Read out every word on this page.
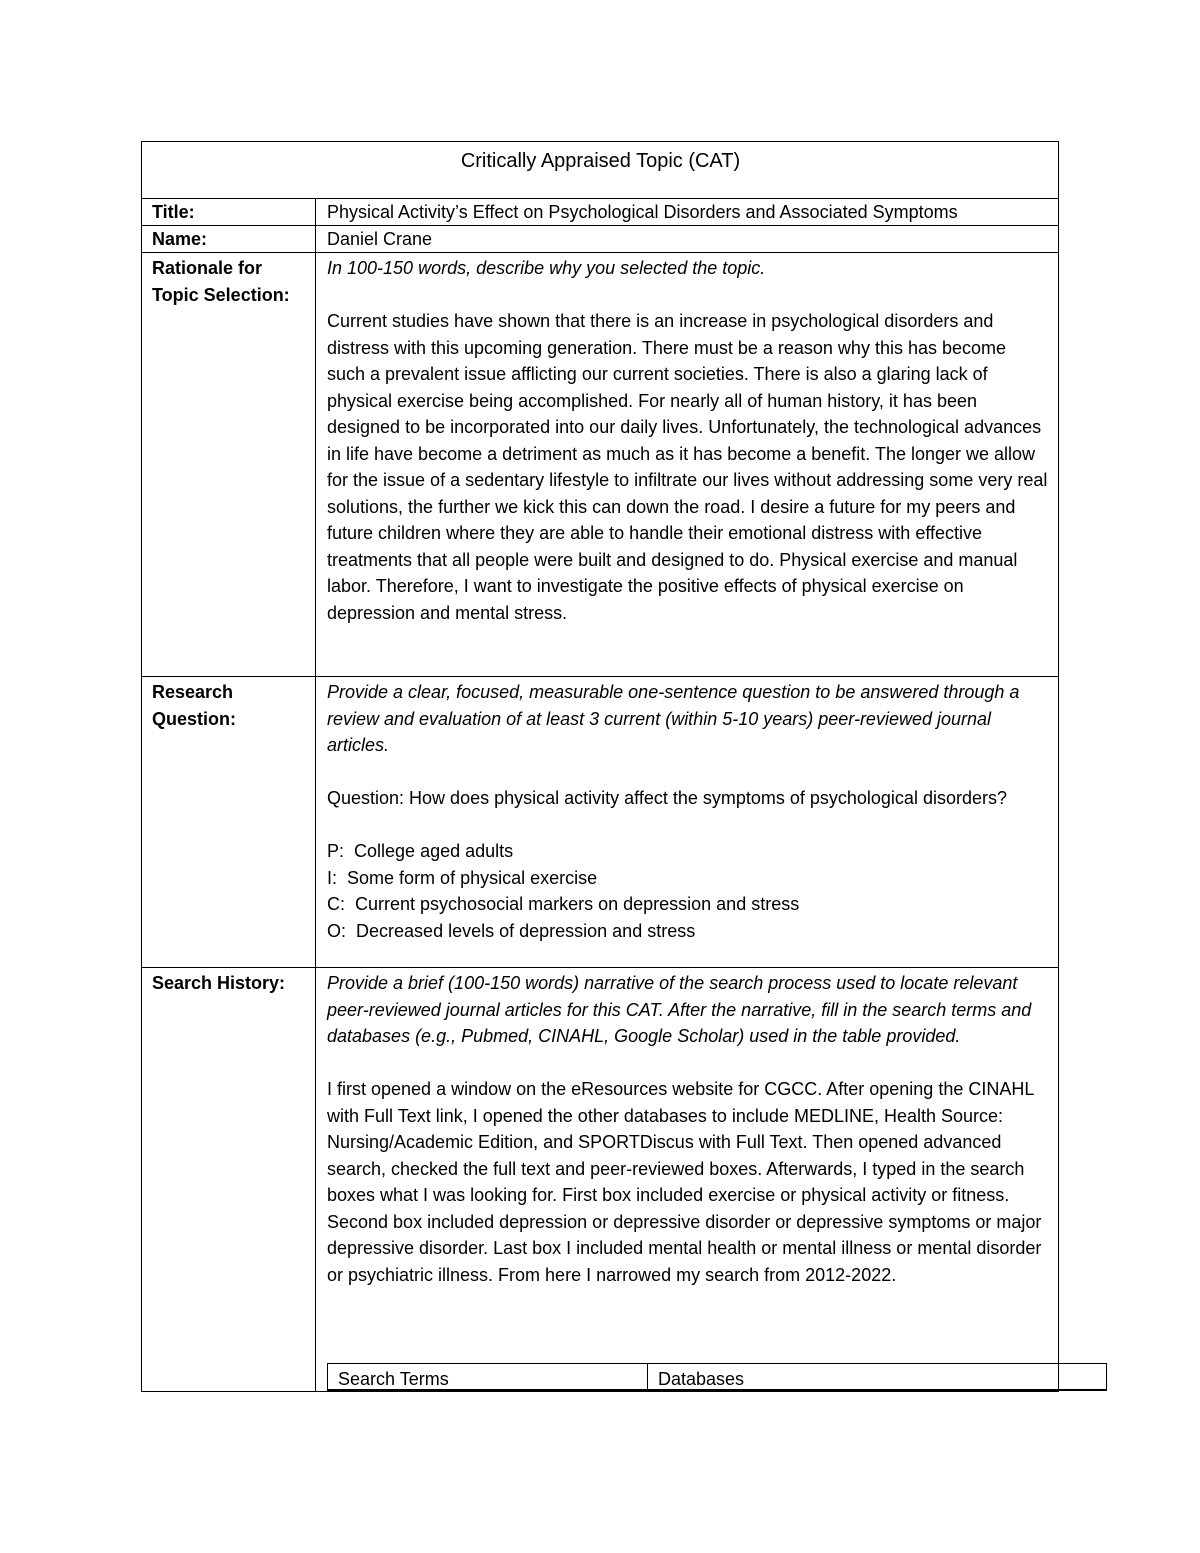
Critically Appraised Topic (CAT)
Title:	Physical Activity’s Effect on Psychological Disorders and Associated Symptoms
Name:	Daniel Crane
Rationale for Topic Selection:

In 100-150 words, describe why you selected the topic.

Current studies have shown that there is an increase in psychological disorders and distress with this upcoming generation. There must be a reason why this has become such a prevalent issue afflicting our current societies. There is also a glaring lack of physical exercise being accomplished. For nearly all of human history, it has been designed to be incorporated into our daily lives. Unfortunately, the technological advances in life have become a detriment as much as it has become a benefit. The longer we allow for the issue of a sedentary lifestyle to infiltrate our lives without addressing some very real solutions, the further we kick this can down the road. I desire a future for my peers and future children where they are able to handle their emotional distress with effective treatments that all people were built and designed to do. Physical exercise and manual labor. Therefore, I want to investigate the positive effects of physical exercise on depression and mental stress.

Research Question:

Provide a clear, focused, measurable one-sentence question to be answered through a review and evaluation of at least 3 current (within 5-10 years) peer-reviewed journal articles.

Question: How does physical activity affect the symptoms of psychological disorders?

P: College aged adults

I: Some form of physical exercise

C: Current psychosocial markers on depression and stress

O: Decreased levels of depression and stress

Search History:	Provide a brief (100-150 words) narrative of the search process used to locate relevant peer-reviewed journal articles for this CAT. After the narrative, fill in the search terms and databases (e.g., Pubmed, CINAHL, Google Scholar) used in the table provided.

I first opened a window on the eResources website for CGCC. After opening the CINAHL with Full Text link, I opened the other databases to include MEDLINE, Health Source: Nursing/Academic Edition, and SPORTDiscus with Full Text. Then opened advanced search, checked the full text and peer-reviewed boxes. Afterwards, I typed in the search boxes what I was looking for. First box included exercise or physical activity or fitness. Second box included depression or depressive disorder or depressive symptoms or major depressive disorder. Last box I included mental health or mental illness or mental disorder or psychiatric illness. From here I narrowed my search from 2012-2022.

Search Terms	Databases
